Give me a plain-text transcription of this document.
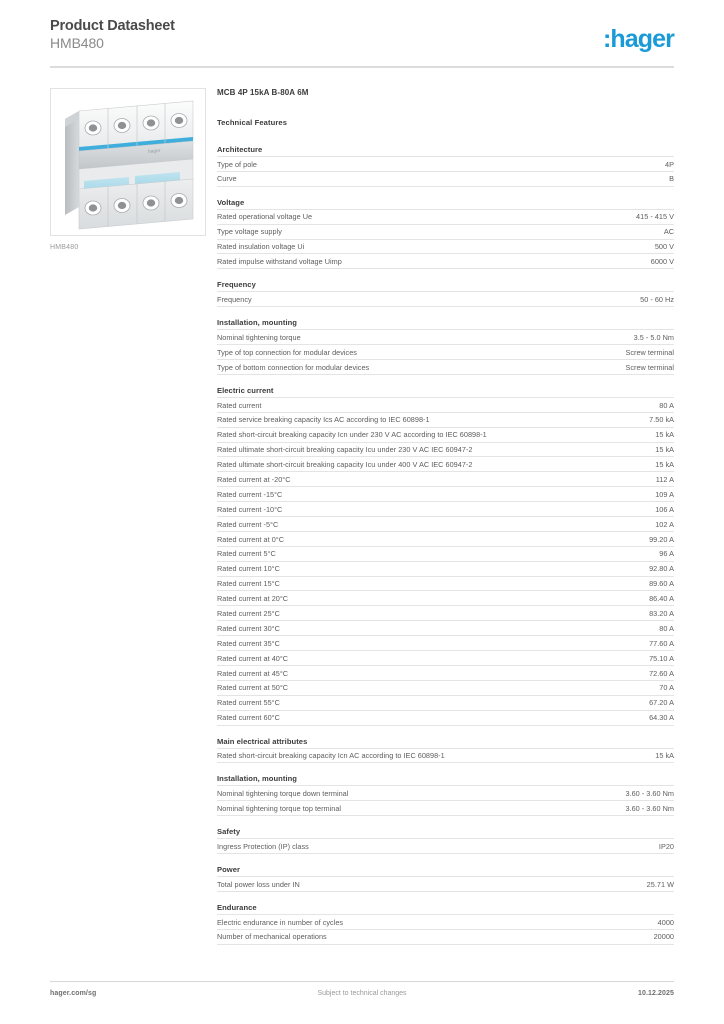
Product Datasheet
HMB480	:hager
hager
HMB480
MCB 4P 15kA B-80A 6M
Technical Features
Architecture
Type of pole	4P
Curve	B
Voltage
Rated operational voltage Ue	415 - 415 V
Type voltage supply	AC
Rated insulation voltage Ui	500 V
Rated impulse withstand voltage Uimp	6000 V
Frequency
Frequency	50 - 60 Hz
Installation, mounting
Nominal tightening torque	3.5 - 5.0 Nm
Type of top connection for modular devices	Screw terminal
Type of bottom connection for modular devices	Screw terminal
Electric current
Rated current	80 A
Rated service breaking capacity Ics AC according to IEC 60898-1	7.50 kA
Rated short-circuit breaking capacity Icn under 230 V AC according to IEC 60898-1	15 kA
Rated ultimate short-circuit breaking capacity Icu under 230 V AC IEC 60947-2	15 kA
Rated ultimate short-circuit breaking capacity Icu under 400 V AC IEC 60947-2	15 kA
Rated current at -20°C	112 A
Rated current -15°C	109 A
Rated current -10°C	106 A
Rated current -5°C	102 A
Rated current at 0°C	99.20 A
Rated current 5°C	96 A
Rated current 10°C	92.80 A
Rated current 15°C	89.60 A
Rated current at 20°C	86.40 A
Rated current 25°C	83.20 A
Rated current 30°C	80 A
Rated current 35°C	77.60 A
Rated current at 40°C	75.10 A
Rated current at 45°C	72.60 A
Rated current at 50°C	70 A
Rated current 55°C	67.20 A
Rated current 60°C	64.30 A
Main electrical attributes
Rated short-circuit breaking capacity Icn AC according to IEC 60898-1	15 kA
Installation, mounting
Nominal tightening torque down terminal	3.60 - 3.60 Nm
Nominal tightening torque top terminal	3.60 - 3.60 Nm
Safety
Ingress Protection (IP) class	IP20
Power
Total power loss under IN	25.71 W
Endurance
Electric endurance in number of cycles	4000
Number of mechanical operations	20000
hager.com/sg	Subject to technical changes	10.12.2025
